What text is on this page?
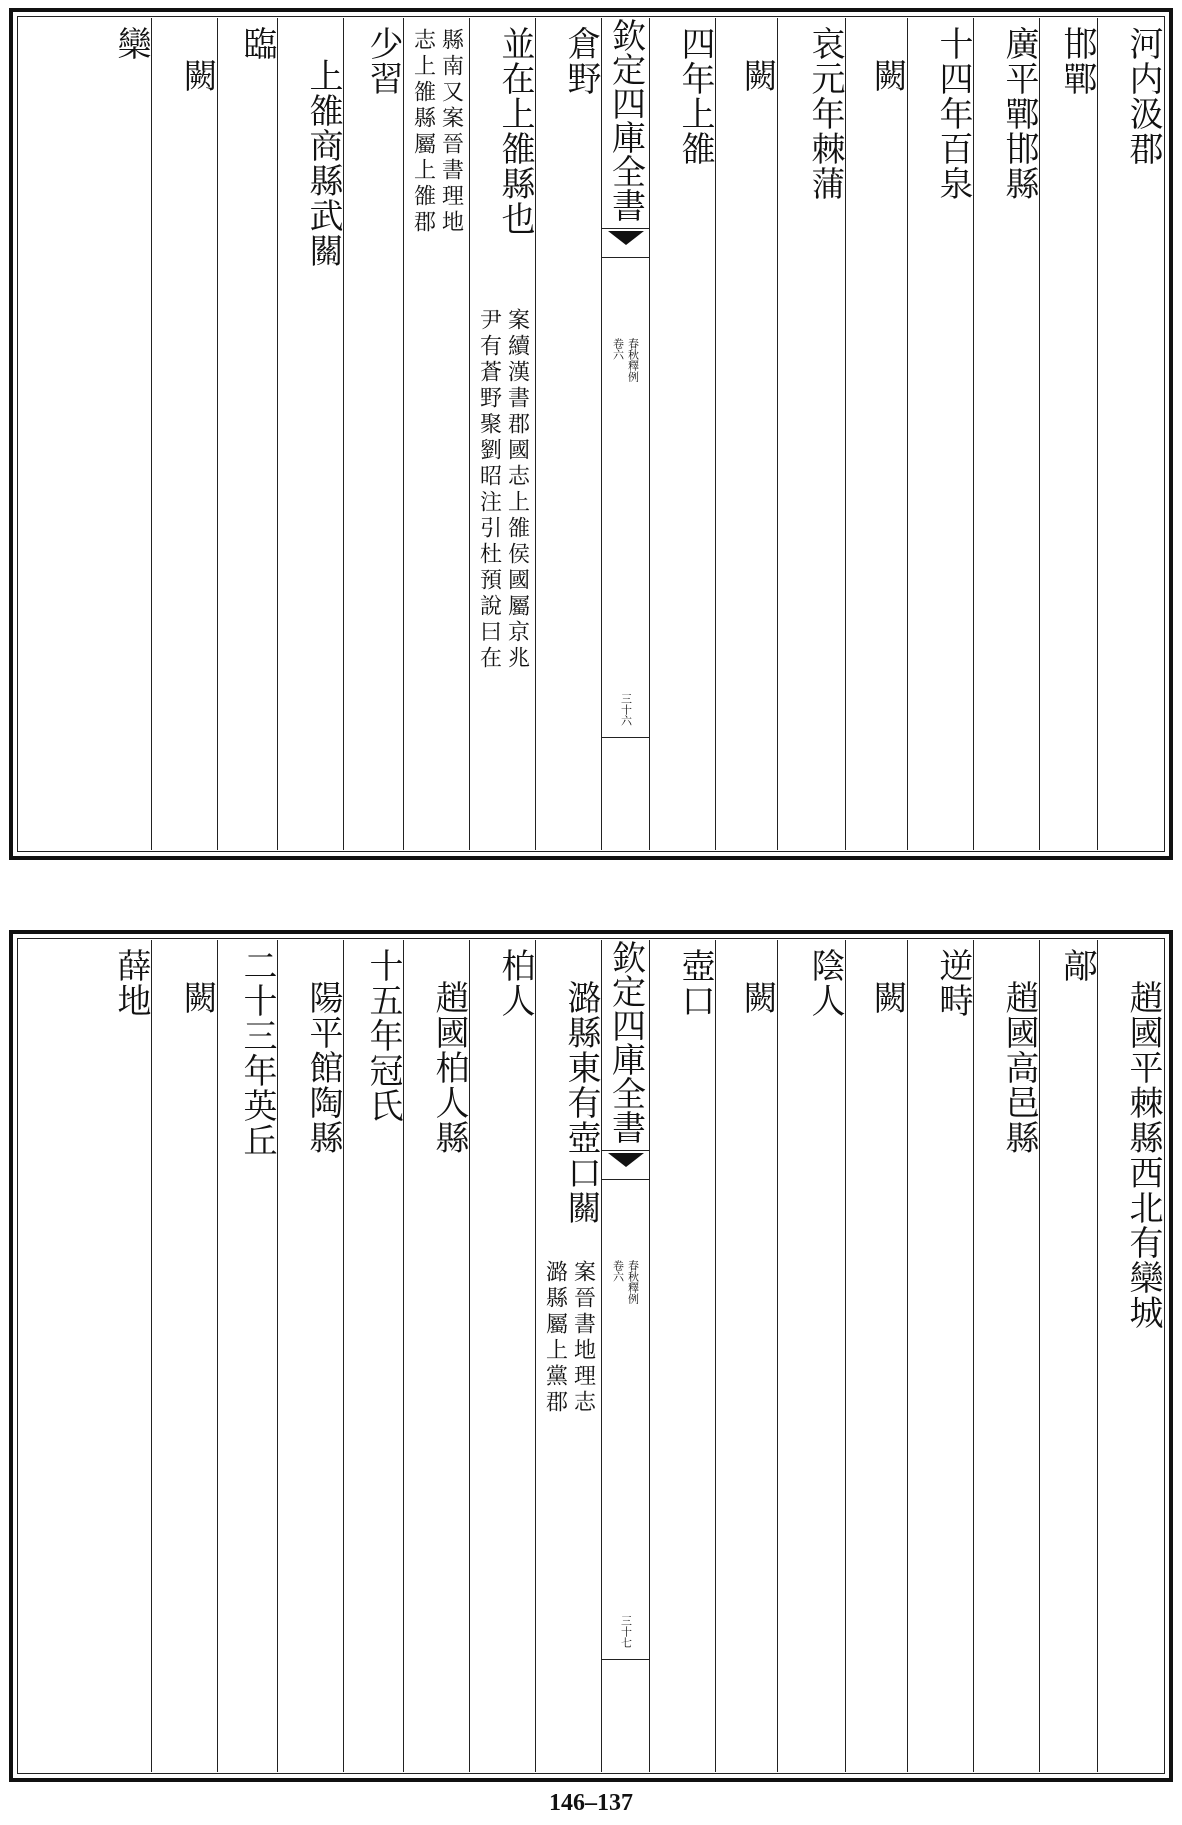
河内汲郡
邯鄲
廣平鄲邯縣
十四年百泉
闕
哀元年棘蒲
闕
四年上雒
欽定四庫全書
春秋釋例
卷六
三十六
倉野
並在上雒縣也
案續漢書郡國志上雒侯國屬京兆
尹有蒼野聚劉昭注引杜預說曰在
縣南又案晉書理地
志上雒縣屬上雒郡
少習
上雒商縣武關
臨
闕
欒
趙國平棘縣西北有欒城
鄗
趙國高邑縣
逆畤
闕
陰人
闕
壺口
欽定四庫全書
春秋釋例
卷六
三十七
潞縣東有壺口關
案晉書地理志
潞縣屬上黨郡
柏人
趙國柏人縣
十五年冠氏
陽平館陶縣
二十三年英丘
闕
薛地
146–137
